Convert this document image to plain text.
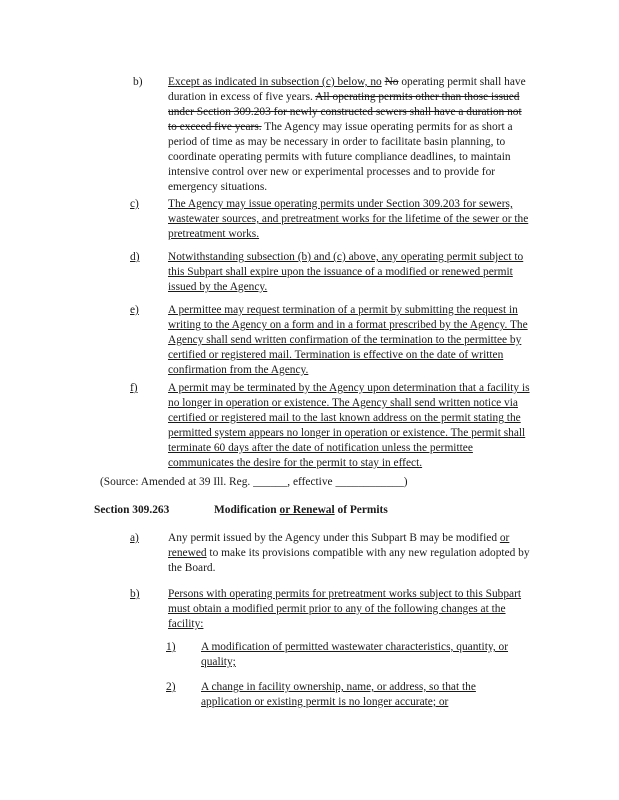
b) Except as indicated in subsection (c) below, no No operating permit shall have duration in excess of five years. All operating permits other than those issued under Section 309.203 for newly constructed sewers shall have a duration not to exceed five years. The Agency may issue operating permits for as short a period of time as may be necessary in order to facilitate basin planning, to coordinate operating permits with future compliance deadlines, to maintain intensive control over new or experimental processes and to provide for emergency situations.
c)	The Agency may issue operating permits under Section 309.203 for sewers, wastewater sources, and pretreatment works for the lifetime of the sewer or the pretreatment works.
d)	Notwithstanding subsection (b) and (c) above, any operating permit subject to this Subpart shall expire upon the issuance of a modified or renewed permit issued by the Agency.
e)	A permittee may request termination of a permit by submitting the request in writing to the Agency on a form and in a format prescribed by the Agency. The Agency shall send written confirmation of the termination to the permittee by certified or registered mail. Termination is effective on the date of written confirmation from the Agency.
f)	A permit may be terminated by the Agency upon determination that a facility is no longer in operation or existence. The Agency shall send written notice via certified or registered mail to the last known address on the permit stating the permitted system appears no longer in operation or existence. The permit shall terminate 60 days after the date of notification unless the permittee communicates the desire for the permit to stay in effect.
(Source: Amended at 39 Ill. Reg. ______, effective ____________)
Section 309.263	Modification or Renewal of Permits
a)	Any permit issued by the Agency under this Subpart B may be modified or renewed to make its provisions compatible with any new regulation adopted by the Board.
b)	Persons with operating permits for pretreatment works subject to this Subpart must obtain a modified permit prior to any of the following changes at the facility:
1)	A modification of permitted wastewater characteristics, quantity, or quality;
2)	A change in facility ownership, name, or address, so that the application or existing permit is no longer accurate; or
